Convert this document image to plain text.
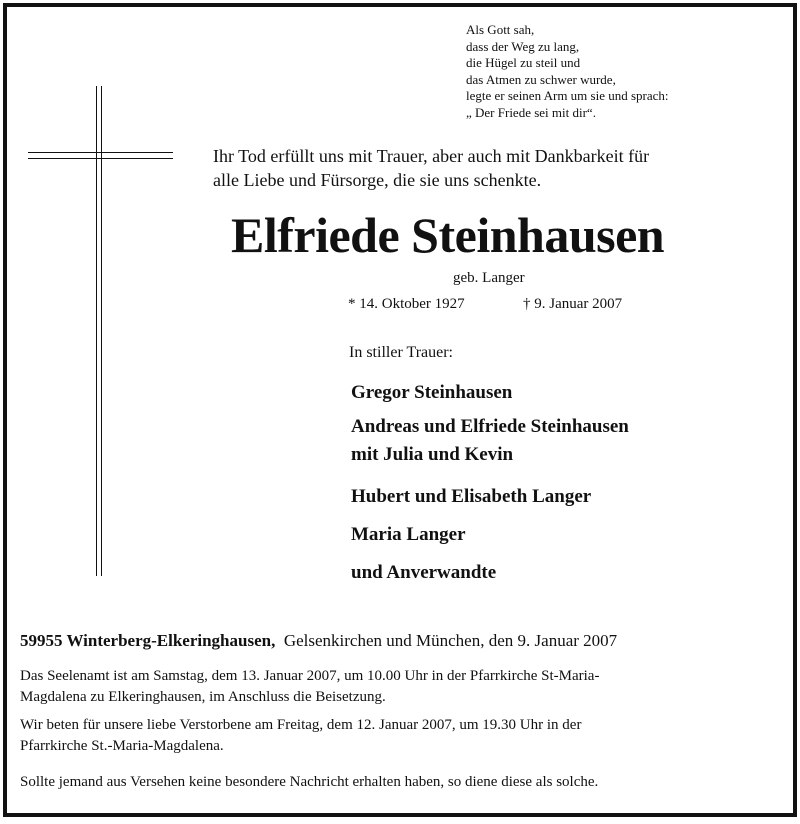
Als Gott sah,
dass der Weg zu lang,
die Hügel zu steil und
das Atmen zu schwer wurde,
legte er seinen Arm um sie und sprach:
„ Der Friede sei mit dir“.
Ihr Tod erfüllt uns mit Trauer, aber auch mit Dankbarkeit für
alle Liebe und Fürsorge, die sie uns schenkte.
Elfriede Steinhausen
geb. Langer
* 14. Oktober 1927	† 9. Januar 2007
In stiller Trauer:
Gregor Steinhausen
Andreas und Elfriede Steinhausen
mit Julia und Kevin
Hubert und Elisabeth Langer
Maria Langer
und Anverwandte
59955 Winterberg-Elkeringhausen, Gelsenkirchen und München, den 9. Januar 2007
Das Seelenamt ist am Samstag, dem 13. Januar 2007, um 10.00 Uhr in der Pfarrkirche St-Maria-
Magdalena zu Elkeringhausen, im Anschluss die Beisetzung.
Wir beten für unsere liebe Verstorbene am Freitag, dem 12. Januar 2007, um 19.30 Uhr in der
Pfarrkirche St.-Maria-Magdalena.
Sollte jemand aus Versehen keine besondere Nachricht erhalten haben, so diene diese als solche.
